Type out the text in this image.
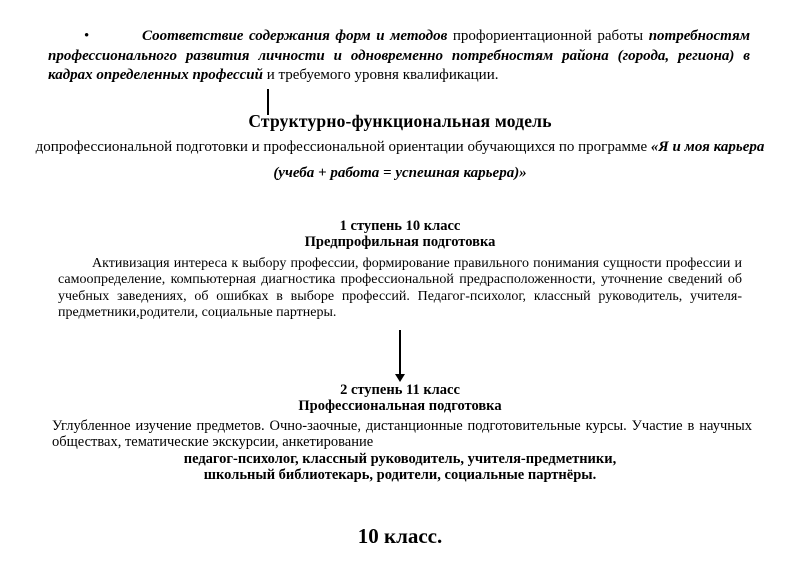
•	Соответствие содержания форм и методов профориентационной работы потребностям профессионального развития личности и одновременно потребностям района (города, региона) в кадрах определенных профессий и требуемого уровня квалификации.

Структурно-функциональная модель

допрофессиональной подготовки и профессиональной ориентации обучающихся по программе «Я и моя карьера
(учеба + работа = успешная карьера)»

1 ступень 10 класс
Предпрофильная подготовка

Активизация интереса к выбору профессии, формирование правильного понимания сущности профессии и самоопределение, компьютерная диагностика профессиональной предрасположенности, уточнение сведений об учебных заведениях, об ошибках в выборе профессий. Педагог-психолог, классный руководитель, учителя-предметники,родители, социальные партнеры.

2 ступень 11 класс
Профессиональная подготовка

Углубленное изучение предметов. Очно-заочные, дистанционные подготовительные курсы. Участие в научных обществах, тематические экскурсии, анкетирование

педагог-психолог, классный руководитель, учителя-предметники,
школьный библиотекарь, родители, социальные партнёры.
10 класс.
